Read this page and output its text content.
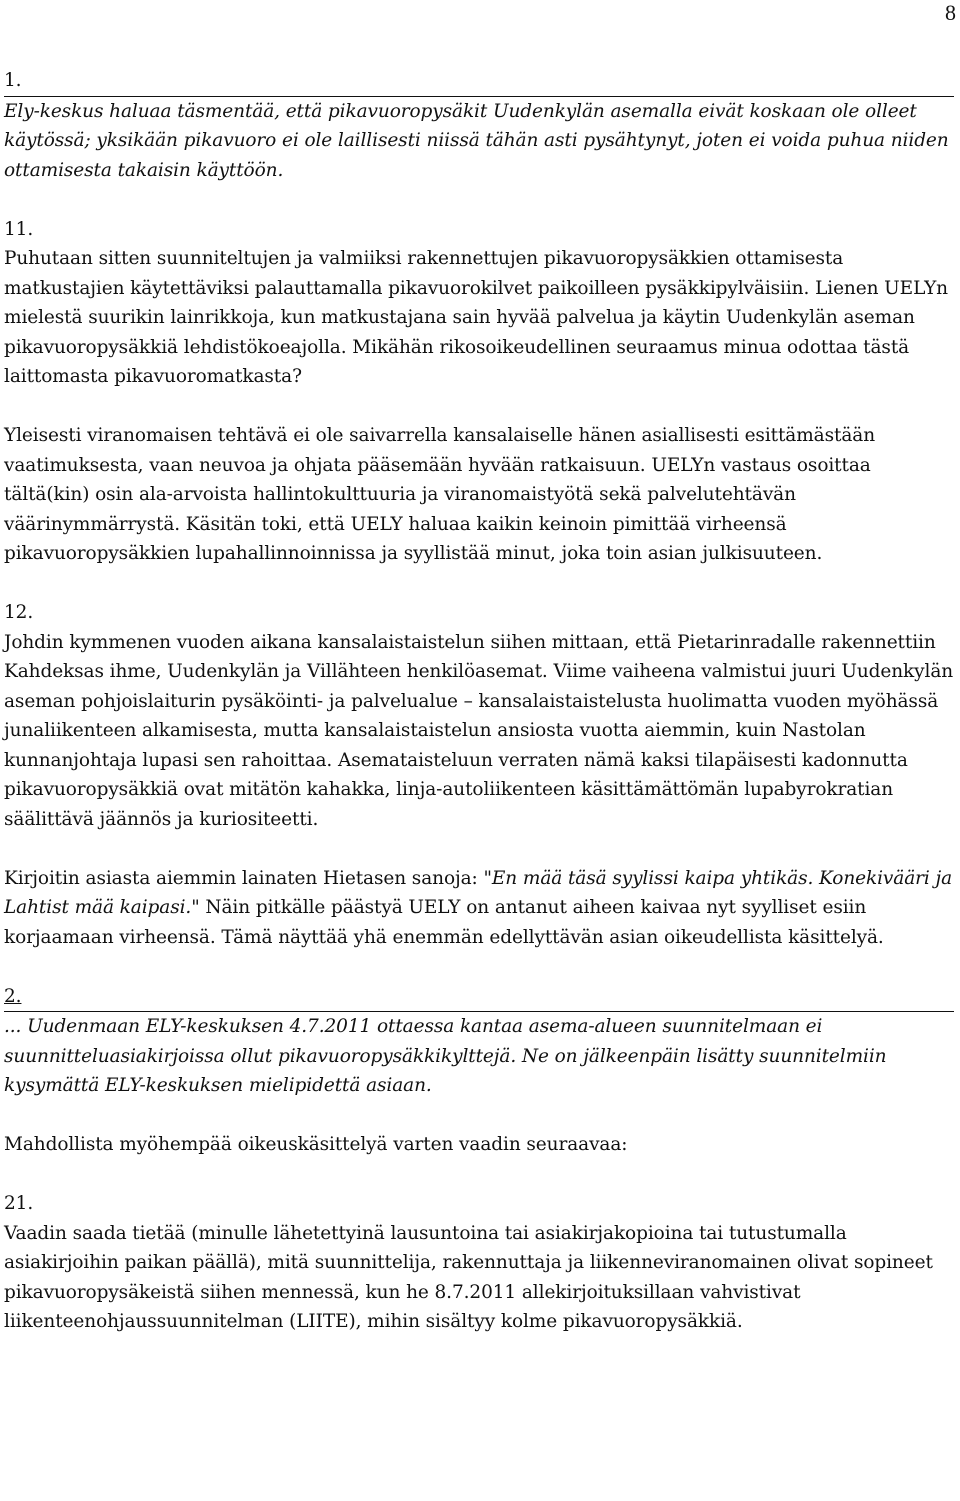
8
1.

Ely-keskus haluaa täsmentää, että pikavuoropysäkit Uudenkylän asemalla eivät koskaan ole olleet käytössä; yksikään pikavuoro ei ole laillisesti niissä tähän asti pysähtynyt, joten ei voida puhua niiden ottamisesta takaisin käyttöön.

11.

Puhutaan sitten suunniteltujen ja valmiiksi rakennettujen pikavuoropysäkkien ottamisesta matkustajien käytettäviksi palauttamalla pikavuorokilvet paikoilleen pysäkkipylväisiin. Lienen UELYn mielestä suurikin lainrikkoja, kun matkustajana sain hyvää palvelua ja käytin Uudenkylän aseman pikavuoropysäkkiä lehdistökoeajolla. Mikähän rikosoikeudellinen seuraamus minua odottaa tästä laittomasta pikavuoromatkasta?

Yleisesti viranomaisen tehtävä ei ole saivarrella kansalaiselle hänen asiallisesti esittämästään vaatimuksesta, vaan neuvoa ja ohjata pääsemään hyvään ratkaisuun. UELYn vastaus osoittaa tältä(kin) osin ala-arvoista hallintokulttuuria ja viranomaistyötä sekä palvelutehtävän väärinymmärrystä. Käsitän toki, että UELY haluaa kaikin keinoin pimittää virheensä pikavuoropysäkkien lupahallinnoinnissa ja syyllistää minut, joka toin asian julkisuuteen.

12.

Johdin kymmenen vuoden aikana kansalaistaistelun siihen mittaan, että Pietarinradalle rakennettiin Kahdeksas ihme, Uudenkylän ja Villähteen henkilöasemat. Viime vaiheena valmistui juuri Uudenkylän aseman pohjoislaiturin pysäköinti- ja palvelualue – kansalaistaistelusta huolimatta vuoden myöhässä junaliikenteen alkamisesta, mutta kansalaistaistelun ansiosta vuotta aiemmin, kuin Nastolan kunnanjohtaja lupasi sen rahoittaa. Asemataisteluun verraten nämä kaksi tilapäisesti kadonnutta pikavuoropysäkkiä ovat mitätön kahakka, linja-autoliikenteen käsittämättömän lupabyrokratian säälittävä jäännös ja kuriositeetti.

Kirjoitin asiasta aiemmin lainaten Hietasen sanoja: "En mää täsä syylissi kaipa yhtikäs. Konekivääri ja Lahtist mää kaipasi." Näin pitkälle päästyä UELY on antanut aiheen kaivaa nyt syylliset esiin korjaamaan virheensä. Tämä näyttää yhä enemmän edellyttävän asian oikeudellista käsittelyä.

2.

... Uudenmaan ELY-keskuksen 4.7.2011 ottaessa kantaa asema-alueen suunnitelmaan ei suunnitteluasiakirjoissa ollut pikavuoropysäkkikylttejä. Ne on jälkeenpäin lisätty suunnitelmiin kysymättä ELY-keskuksen mielipidettä asiaan.

Mahdollista myöhempää oikeuskäsittelyä varten vaadin seuraavaa:

21.

Vaadin saada tietää (minulle lähetettyinä lausuntoina tai asiakirjakopioina tai tutustumalla asiakirjoihin paikan päällä), mitä suunnittelija, rakennuttaja ja liikenneviranomainen olivat sopineet pikavuoropysäkeistä siihen mennessä, kun he 8.7.2011 allekirjoituksillaan vahvistivat liikenteenohjaussuunnitelman (LIITE), mihin sisältyy kolme pikavuoropysäkkiä.
